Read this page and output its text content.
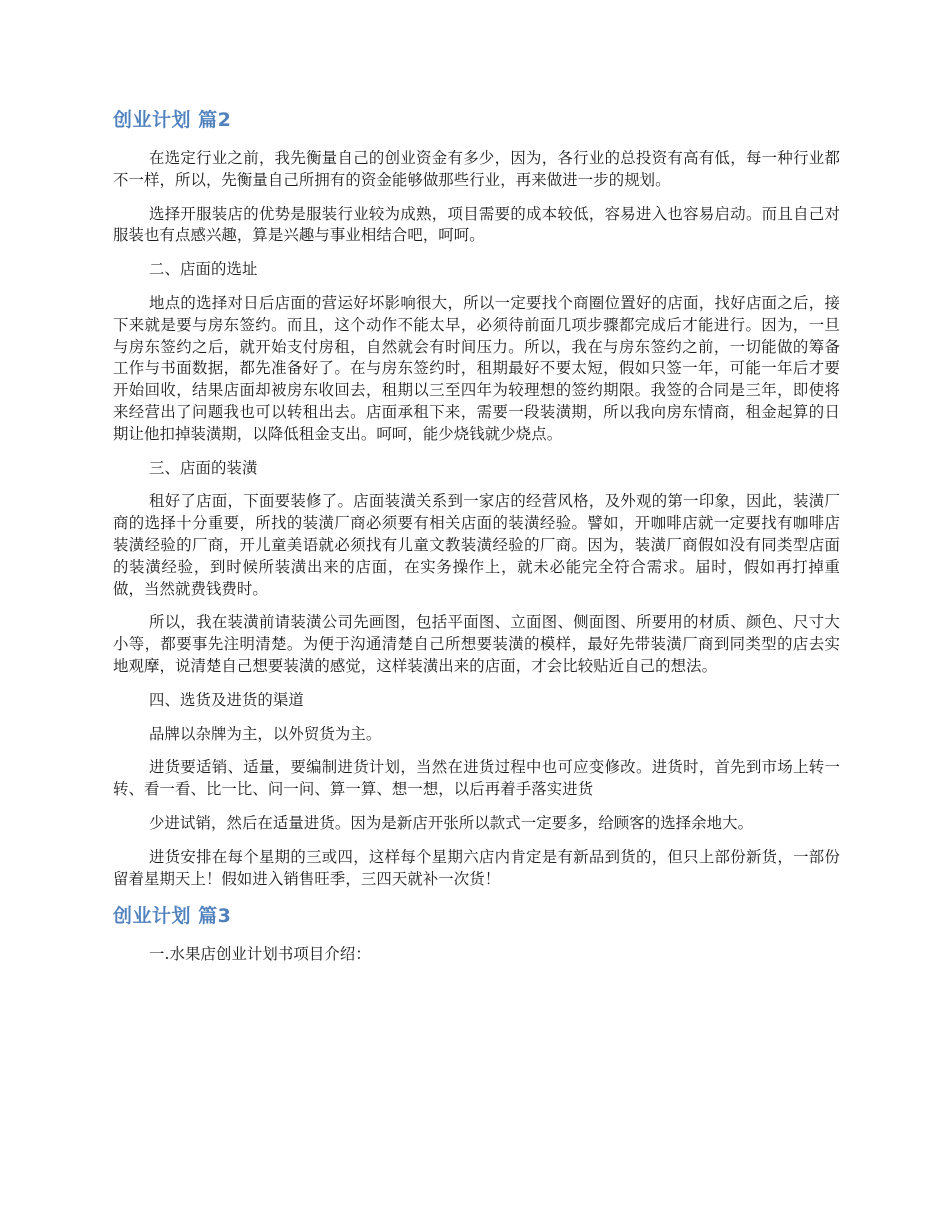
创业计划 篇2

在选定行业之前，我先衡量自己的创业资金有多少，因为，各行业的总投资有高有低，每一种行业都不一样，所以，先衡量自己所拥有的资金能够做那些行业，再来做进一步的规划。

选择开服装店的优势是服装行业较为成熟，项目需要的成本较低，容易进入也容易启动。而且自己对服装也有点感兴趣，算是兴趣与事业相结合吧，呵呵。

二、店面的选址

地点的选择对日后店面的营运好坏影响很大，所以一定要找个商圈位置好的店面，找好店面之后，接下来就是要与房东签约。而且，这个动作不能太早，必须待前面几项步骤都完成后才能进行。因为，一旦与房东签约之后，就开始支付房租，自然就会有时间压力。所以，我在与房东签约之前，一切能做的筹备工作与书面数据，都先准备好了。在与房东签约时，租期最好不要太短，假如只签一年，可能一年后才要开始回收，结果店面却被房东收回去，租期以三至四年为较理想的签约期限。我签的合同是三年，即使将来经营出了问题我也可以转租出去。店面承租下来，需要一段装潢期，所以我向房东情商，租金起算的日期让他扣掉装潢期，以降低租金支出。呵呵，能少烧钱就少烧点。

三、店面的装潢

租好了店面，下面要装修了。店面装潢关系到一家店的经营风格，及外观的第一印象，因此，装潢厂商的选择十分重要，所找的装潢厂商必须要有相关店面的装潢经验。譬如，开咖啡店就一定要找有咖啡店装潢经验的厂商，开儿童美语就必须找有儿童文教装潢经验的厂商。因为，装潢厂商假如没有同类型店面的装潢经验，到时候所装潢出来的店面，在实务操作上，就未必能完全符合需求。届时，假如再打掉重做，当然就费钱费时。

所以，我在装潢前请装潢公司先画图，包括平面图、立面图、侧面图、所要用的材质、颜色、尺寸大小等，都要事先注明清楚。为便于沟通清楚自己所想要装潢的模样，最好先带装潢厂商到同类型的店去实地观摩，说清楚自己想要装潢的感觉，这样装潢出来的店面，才会比较贴近自己的想法。

四、选货及进货的渠道

品牌以杂牌为主，以外贸货为主。

进货要适销、适量，要编制进货计划，当然在进货过程中也可应变修改。进货时，首先到市场上转一转、看一看、比一比、问一问、算一算、想一想，以后再着手落实进货

少进试销，然后在适量进货。因为是新店开张所以款式一定要多，给顾客的选择余地大。

进货安排在每个星期的三或四，这样每个星期六店内肯定是有新品到货的，但只上部份新货，一部份留着星期天上！假如进入销售旺季，三四天就补一次货！

创业计划 篇3

一.水果店创业计划书项目介绍：
